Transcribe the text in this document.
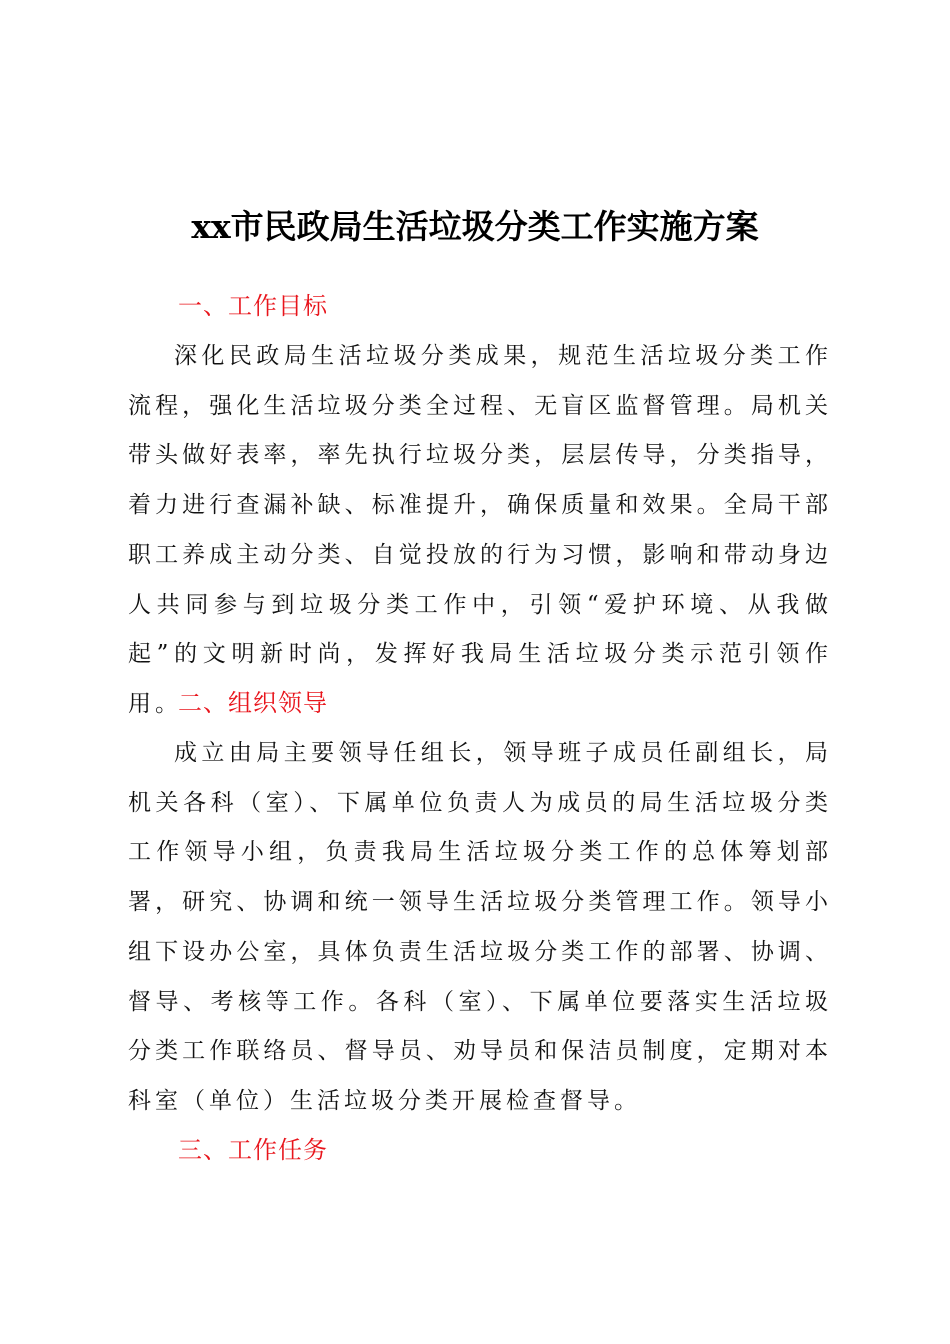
xx市民政局生活垃圾分类工作实施方案
一、工作目标

深化民政局生活垃圾分类成果，规范生活垃圾分类工作流程，强化生活垃圾分类全过程、无盲区监督管理。局机关带头做好表率，率先执行垃圾分类，层层传导，分类指导，着力进行查漏补缺、标准提升，确保质量和效果。全局干部职工养成主动分类、自觉投放的行为习惯，影响和带动身边人共同参与到垃圾分类工作中，引领“爱护环境、从我做起”的文明新时尚，发挥好我局生活垃圾分类示范引领作用。

二、组织领导

成立由局主要领导任组长，领导班子成员任副组长，局机关各科（室）、下属单位负责人为成员的局生活垃圾分类工作领导小组，负责我局生活垃圾分类工作的总体筹划部署，研究、协调和统一领导生活垃圾分类管理工作。领导小组下设办公室，具体负责生活垃圾分类工作的部署、协调、督导、考核等工作。各科（室）、下属单位要落实生活垃圾分类工作联络员、督导员、劝导员和保洁员制度，定期对本科室（单位）生活垃圾分类开展检查督导。

三、工作任务
